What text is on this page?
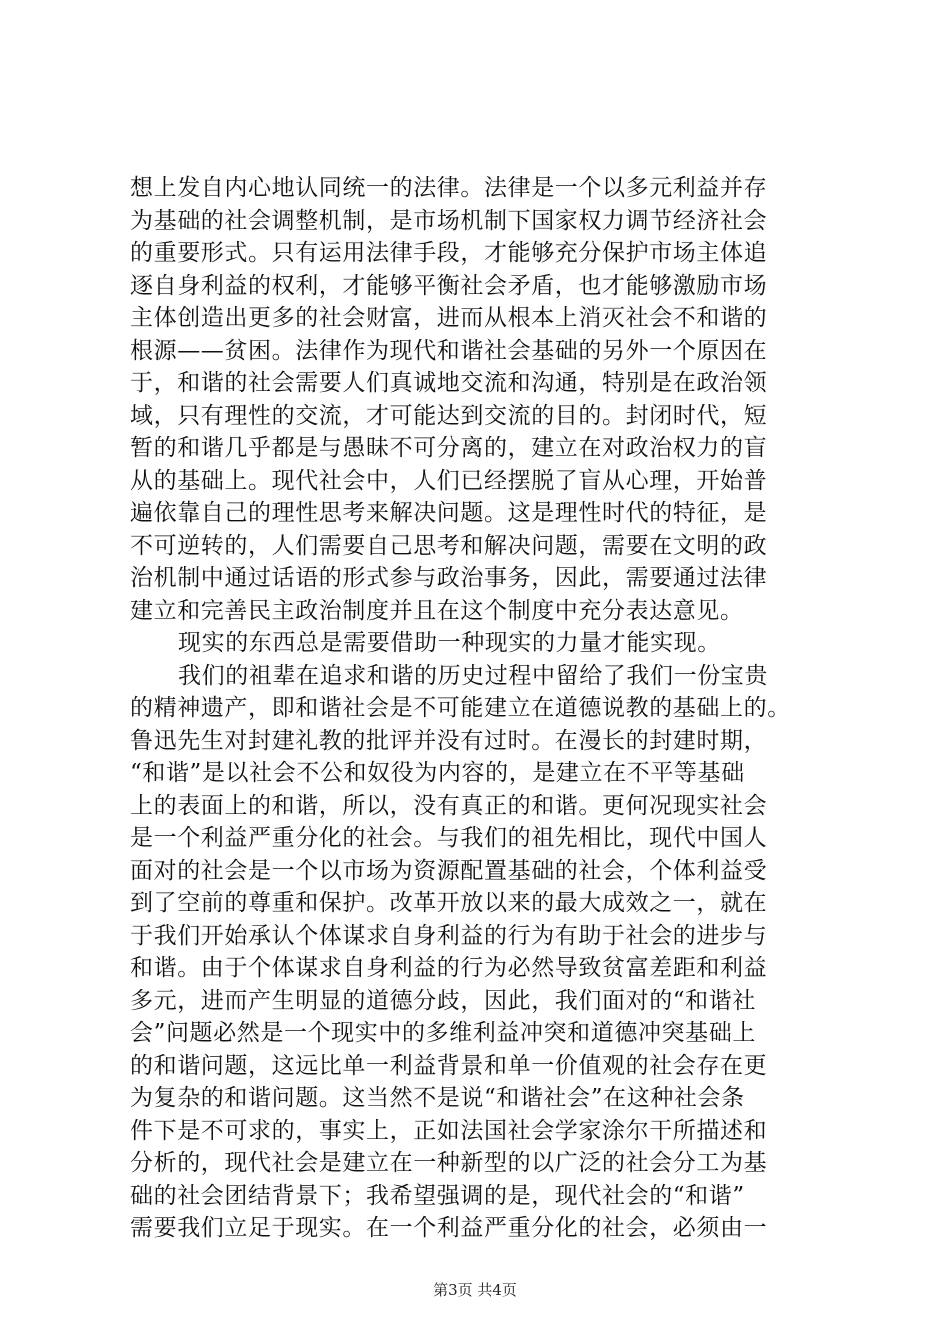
想上发自内心地认同统一的法律。法律是一个以多元利益并存
为基础的社会调整机制，是市场机制下国家权力调节经济社会
的重要形式。只有运用法律手段，才能够充分保护市场主体追
逐自身利益的权利，才能够平衡社会矛盾，也才能够激励市场
主体创造出更多的社会财富，进而从根本上消灭社会不和谐的
根源——贫困。法律作为现代和谐社会基础的另外一个原因在
于，和谐的社会需要人们真诚地交流和沟通，特别是在政治领
域，只有理性的交流，才可能达到交流的目的。封闭时代，短
暂的和谐几乎都是与愚昧不可分离的，建立在对政治权力的盲
从的基础上。现代社会中，人们已经摆脱了盲从心理，开始普
遍依靠自己的理性思考来解决问题。这是理性时代的特征，是
不可逆转的，人们需要自己思考和解决问题，需要在文明的政
治机制中通过话语的形式参与政治事务，因此，需要通过法律
建立和完善民主政治制度并且在这个制度中充分表达意见。
现实的东西总是需要借助一种现实的力量才能实现。
我们的祖辈在追求和谐的历史过程中留给了我们一份宝贵
的精神遗产，即和谐社会是不可能建立在道德说教的基础上的。
鲁迅先生对封建礼教的批评并没有过时。在漫长的封建时期，
“和谐”是以社会不公和奴役为内容的，是建立在不平等基础
上的表面上的和谐，所以，没有真正的和谐。更何况现实社会
是一个利益严重分化的社会。与我们的祖先相比，现代中国人
面对的社会是一个以市场为资源配置基础的社会，个体利益受
到了空前的尊重和保护。改革开放以来的最大成效之一，就在
于我们开始承认个体谋求自身利益的行为有助于社会的进步与
和谐。由于个体谋求自身利益的行为必然导致贫富差距和利益
多元，进而产生明显的道德分歧，因此，我们面对的“和谐社
会”问题必然是一个现实中的多维利益冲突和道德冲突基础上
的和谐问题，这远比单一利益背景和单一价值观的社会存在更
为复杂的和谐问题。这当然不是说“和谐社会”在这种社会条
件下是不可求的，事实上，正如法国社会学家涂尔干所描述和
分析的，现代社会是建立在一种新型的以广泛的社会分工为基
础的社会团结背景下；我希望强调的是，现代社会的“和谐”
需要我们立足于现实。在一个利益严重分化的社会，必须由一
第3页 共4页
